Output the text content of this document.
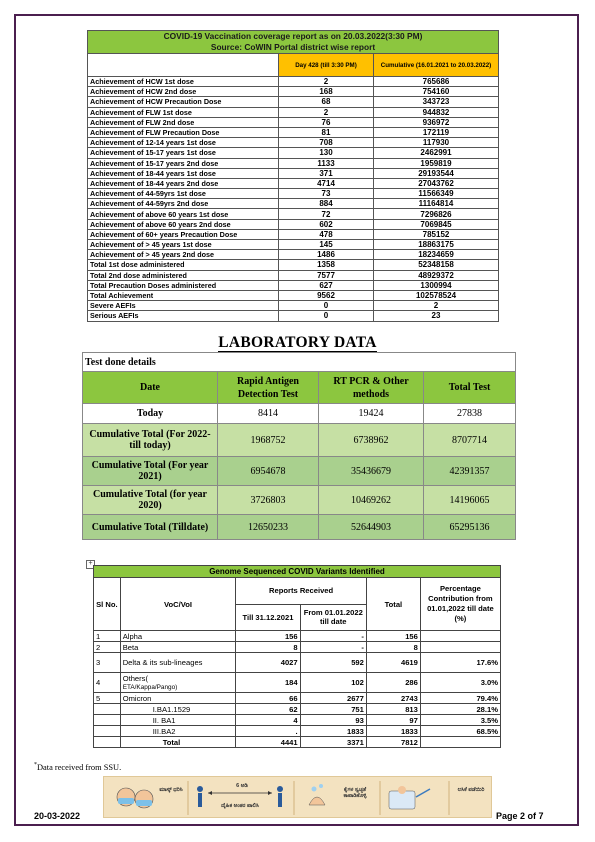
COVID-19 Vaccination coverage report as on 20.03.2022(3:30 PM)
Source: CoWIN Portal district wise report		

	Day 428 (till 3:30 PM)	Cumulative (16.01.2021 to 20.03.2022)
Achievement of HCW 1st dose	2	765686
Achievement of HCW 2nd dose	168	754160
Achievement of HCW Precaution Dose	68	343723
Achievement of FLW 1st dose	2	944832
Achievement of FLW 2nd dose	76	936972
Achievement of FLW Precaution Dose	81	172119
Achievement of 12-14 years 1st dose	708	117930
Achievement of 15-17 years 1st dose	130	2462991
Achievement of 15-17 years 2nd dose	1133	1959819
Achievement of 18-44 years 1st dose	371	29193544
Achievement of 18-44 years 2nd dose	4714	27043762
Achievement of 44-59yrs 1st dose	73	11566349
Achievement of 44-59yrs 2nd dose	884	11164814
Achievement of above 60 years 1st dose	72	7296826
Achievement of above 60 years 2nd dose	602	7069845
Achievement of 60+ years Precaution Dose	478	785152
Achievement of > 45 years 1st dose	145	18863175
Achievement of > 45 years 2nd dose	1486	18234659
Total 1st dose administered	1358	52348158
Total 2nd dose administered	7577	48929372
Total Precaution Doses administered	627	1300994
Total Achievement	9562	102578524
Severe AEFIs	0	2
Serious AEFIs	0	23
LABORATORY DATA
Test done details			
Date	Rapid Antigen Detection Test	RT PCR & Other methods	Total Test
Today	8414	19424	27838
Cumulative Total (For 2022- till today)	1968752	6738962	8707714
Cumulative Total (For year 2021)	6954678	35436679	42391357
Cumulative Total (for year 2020)	3726803	10469262	14196065
Cumulative Total (Tilldate)	12650233	52644903	65295136
+
Genome Sequenced COVID Variants Identified					
Sl No.	VoC/VoI	Reports Received		Total	Percentage Contribution from 01.01,2022 till date (%)
		Till 31.12.2021	From 01.01.2022 till date		
1	Alpha	156	-	156	
2	Beta	8	-	8	
3	Delta & its sub-lineages	4027	592	4619	17.6%
4	Others(
ETA/Kappa/Pango)	184	102	286	3.0%
5	Omicron	66	2677	2743	79.4%

	I.BA1.1529	62	751	813	28.1%

	II. BA1	4	93	97	3.5%

	III.BA2	.	1833	1833	68.5%

	Total	4441	3371	7812	
*Data received from SSU.
ಮಾಸ್ಕ್ ಧರಿಸಿ
6 ಅಡಿ
ದೈಹಿಕ ಅಂತರ ಪಾಲಿಸಿ
ಕೈಗಳ ಸ್ವಚ್ಛತೆ ಕಾಪಾಡಿಕೊಳ್ಳಿ
ಲಸಿಕೆ ಪಡೆಯಿರಿ
20-03-2022	Page 2 of 7
